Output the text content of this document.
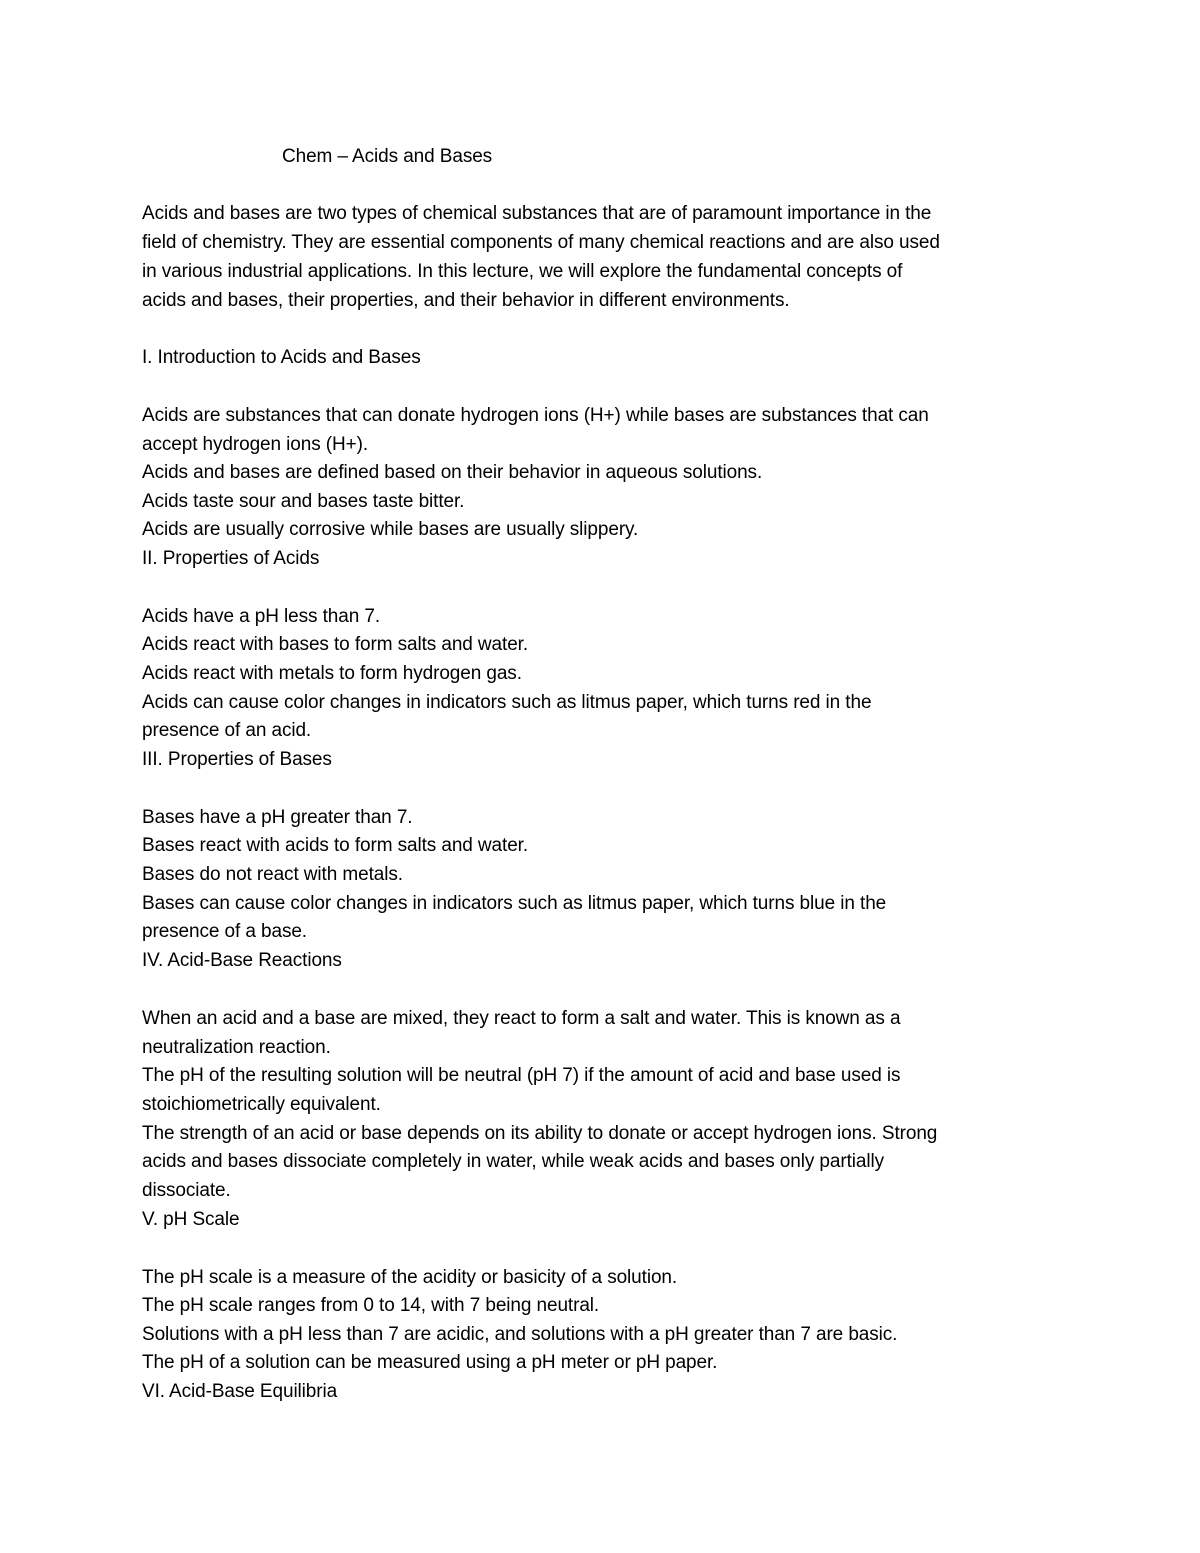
Chem – Acids and Bases
Acids and bases are two types of chemical substances that are of paramount importance in the
field of chemistry. They are essential components of many chemical reactions and are also used
in various industrial applications. In this lecture, we will explore the fundamental concepts of
acids and bases, their properties, and their behavior in different environments.
I. Introduction to Acids and Bases
Acids are substances that can donate hydrogen ions (H+) while bases are substances that can
accept hydrogen ions (H+).
Acids and bases are defined based on their behavior in aqueous solutions.
Acids taste sour and bases taste bitter.
Acids are usually corrosive while bases are usually slippery.
II. Properties of Acids
Acids have a pH less than 7.
Acids react with bases to form salts and water.
Acids react with metals to form hydrogen gas.
Acids can cause color changes in indicators such as litmus paper, which turns red in the
presence of an acid.
III. Properties of Bases
Bases have a pH greater than 7.
Bases react with acids to form salts and water.
Bases do not react with metals.
Bases can cause color changes in indicators such as litmus paper, which turns blue in the
presence of a base.
IV. Acid-Base Reactions
When an acid and a base are mixed, they react to form a salt and water. This is known as a
neutralization reaction.
The pH of the resulting solution will be neutral (pH 7) if the amount of acid and base used is
stoichiometrically equivalent.
The strength of an acid or base depends on its ability to donate or accept hydrogen ions. Strong
acids and bases dissociate completely in water, while weak acids and bases only partially
dissociate.
V. pH Scale
The pH scale is a measure of the acidity or basicity of a solution.
The pH scale ranges from 0 to 14, with 7 being neutral.
Solutions with a pH less than 7 are acidic, and solutions with a pH greater than 7 are basic.
The pH of a solution can be measured using a pH meter or pH paper.
VI. Acid-Base Equilibria
